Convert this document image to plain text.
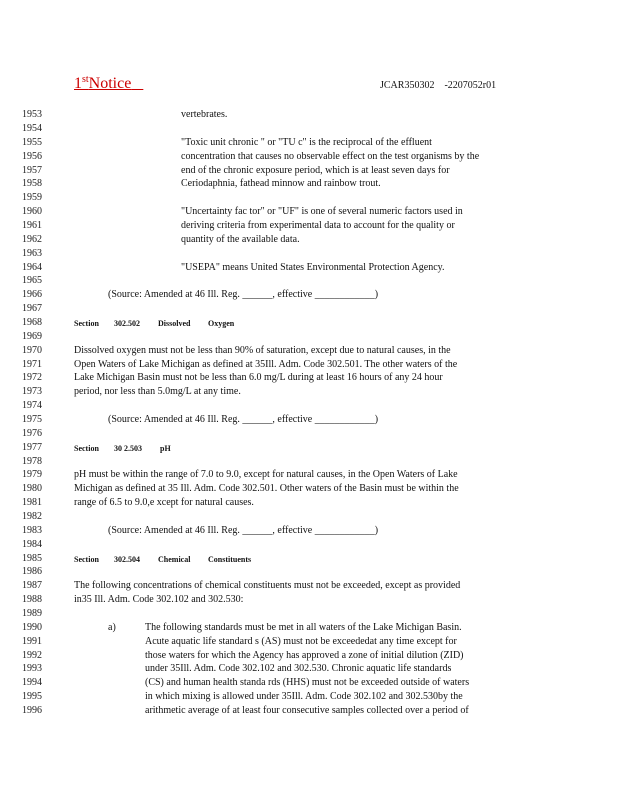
1stNotice	JCAR350302    -2207052r01
1953
1954
1955
1956
1957
1958
1959
1960
1961
1962
1963
1964
1965
1966
1967
1968
1969
1970
1971
1972
1973
1974
1975
1976
1977
1978
1979
1980
1981
1982
1983
1984
1985
1986
1987
1988
1989
1990
1991
1992
1993
1994
1995
1996
vertebrates.
"Toxic unit chronic " or "TU c" is the reciprocal of the effluent
concentration that causes no observable effect on the test organisms by the
end of the chronic exposure period, which is at least seven days for
Ceriodaphnia, fathead minnow and rainbow trout.
"Uncertainty fac tor" or "UF" is one of several numeric factors used in
deriving criteria from experimental data to account for the quality or
quantity of the available data.
"USEPA" means United States Environmental Protection Agency.
(Source: Amended at 46 Ill. Reg. ______, effective ____________)
Section 302.502 Dissolved Oxygen
Dissolved oxygen must not be less than 90% of saturation, except due to natural causes, in the
Open Waters of Lake Michigan as defined at 35Ill. Adm. Code 302.501. The other waters of the
Lake Michigan Basin must not be less than 6.0 mg/L during at least 16 hours of any 24 hour
period, nor less than 5.0mg/L at any time.
(Source: Amended at 46 Ill. Reg. ______, effective ____________)
Section 30 2.503 pH
pH must be within the range of 7.0 to 9.0, except for natural causes, in the Open Waters of Lake
Michigan as defined at 35 Ill. Adm. Code 302.501. Other waters of the Basin must be within the
range of 6.5 to 9.0,e xcept for natural causes.
(Source: Amended at 46 Ill. Reg. ______, effective ____________)
Section 302.504 Chemical Constituents
The following concentrations of chemical constituents must not be exceeded, except as provided
in35 Ill. Adm. Code 302.102 and 302.530:
a)	The following standards must be met in all waters of the Lake Michigan Basin.
Acute aquatic life standard s (AS) must not be exceededat any time except for
those waters for which the Agency has approved a zone of initial dilution (ZID)
under 35Ill. Adm. Code 302.102 and 302.530. Chronic aquatic life standards
(CS) and human health standa rds (HHS) must not be exceeded outside of waters
in which mixing is allowed under 35Ill. Adm. Code 302.102 and 302.530by the
arithmetic average of at least four consecutive samples collected over a period of
